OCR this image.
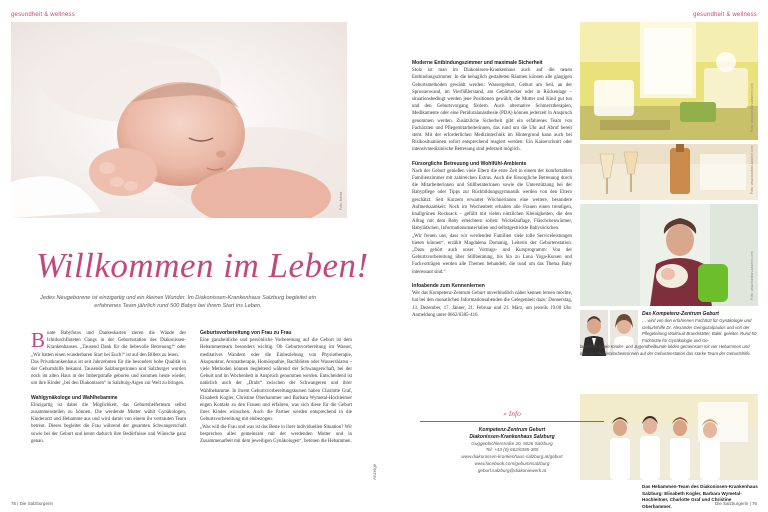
gesundheit & wellness
Foto: fotolia
Willkommen im Leben!
Jedes Neugeborene ist einzigartig und ein kleines Wunder. Im Diakonissen-Krankenhaus Salzburg begleitet ein erfahrenes Team jährlich rund 500 Babys bei ihrem Start ins Leben.

Bunte Babyfotos und Dankeskarten zieren die Wände des Ichtdurchfluteten Gangs in der Geburtsstation des Diakonissen-Krankenhauses. „Tausend Dank für die liebevolle Betreuung!“ oder „Wir hatten einen wunderbaren Start bei Euch!“ ist auf den Billets zu lesen.

Das Privatkrankenhaus ist seit Jahrzehnten für die besonders hohe Qualität in der Geburtshilfe bekannt. Tausende Salzburgerinnen und Salzburger wurden noch im alten Haus in der Imbergstraße geboren und kommen heute wieder, um ihre Kinder „bei den Diakonissen“ in Salzburg-Aigen zur Welt zu bringen.

Wahlgynäkologe und Wahlhebamme

Einzigartig ist dabei die Möglichkeit, das Geburtshelferteam selbst zusammenstellen zu können. Die werdende Mutter wählt Gynäkologen, Kinderarzt und Hebamme aus und wird damit von einem ihr vertrauten Team betreut. Dieses begleitet die Frau während der gesamten Schwangerschaft sowie bei der Geburt und kennt dadurch ihre Bedürfnisse und Wünsche ganz genau.

Geburtsvorbereitung von Frau zu Frau

Eine ganzheitliche und persönliche Vorbereitung auf die Geburt ist dem Hebammenteam besonders wichtig. Ob Geburtsvorbereitung im Wasser, meditatives Wandern oder die Einbeziehung von Physiotherapie, Akupunktur, Aromatherapie, Homöopathie, Bachblüten oder Wassershiatsu – viele Methoden können begleitend während der Schwangerschaft, bei der Geburt und im Wochenbett in Anspruch genommen werden. Entscheidend ist natürlich auch der „Draht“ zwischen der Schwangeren und ihrer Wahlhebamme. In ihrem Geburtsvorbereitungskursen haben Charlotte Graf, Elisabeth Kogler, Christine Oberhammer und Barbara Wymetal-Hochleitner engen Kontakt zu den Frauen und erfahren, was sich diese für die Geburt ihres Kindes wünschen. Auch die Partner werden entsprechend in die Geburtsvorbereitung mit einbezogen.

„Was will die Frau und was ist das Beste in ihrer individuellen Situation? Wir besprechen alles gemeinsam mit der werdenden Mutter und in Zusammenarbeit mit dem jeweiligen Gynäkologen“, betonen die Hebammen.

76 | Die Salzburgerin
Anzeige
gesundheit & wellness
Die Salzburgerin | 76
Moderne Entbindungszimmer und maximale Sicherheit

Stolz ist man im Diakonissen-Krankenhaus auch auf die neuen Entbindungszimmer. In die behaglich gestalteten Räumen können alle gängigen Geburtsmethoden gewählt werden: Wassergeburt, Geburt am Seil, an der Sprossenwand, im Vierfüßlerstand, am Gebärhocker oder in Rückenlage – situationsbedingt werden jene Positionen gewählt, die Mutter und Kind gut tun und den Geburtsvorgang fördern. Auch alternative Schmerztherapien, Medikamente oder eine Periduralanästhesie (PDA) können jederzeit in Anspruch genommen werden. Zusätzliche Sicherheit gibt ein erfahrenes Team von Fachärzten und Pflegemitarbeiterinnen, das rund um die Uhr auf Abruf bereit steht. Mit der erforderlichen Medizintechnik im Hintergrund kann auch bei Risikosituationen sofort entsprechend reagiert werden: Ein Kaiserschnitt oder intensivmedizinische Betreuung sind jederzeit möglich.

Fürsorgliche Betreuung und Wohlfühl-Ambiente

Nach der Geburt genießen viele Eltern die erste Zeit in einem der komfortablen Familienzimmer mit zahlreichen Extras. Auch die fürsorgliche Betreuung durch die Mitarbeiterinnen und Stillberaterinnen sowie die Unterstützung bei der Babypflege oder Tipps zur Rückbildungsgymnastik werden von den Eltern geschätzt. Seit Kurzem erwartet Wöchnerinnen eine weitere, besondere Aufmerksamkeit: Noch im Wochenbett erhalten alle Frauen einen trendigen, knallgrünen Rucksack – gefüllt mit vielen nützlichen Kleinigkeiten, die den Alltag mit dem Baby erleichtern sollen: Wickelauflage, Fläschchenwärmer, Babylätzchen, Informationsmaterialien und selbstgestrickte Babysöckchen.

„Wir freuen uns, dass wir werdenden Familien viele tolle Serviceleistungen bieten können“, erzählt Magdalena Domanig, Leiterin der Geburtenstation. „Dazu gehört auch unser Vortrags- und Kursprogramm: Von der Geburtsvorbereitung über Stillberatung, bis hin zu Luna Yoga-Kursen und Fachvorträgen werden alle Themen behandelt, die rund um das Thema Baby interessant sind.“

Infoabende zum Kennenlernen

Wer das Kompetenz-Zentrum Geburt unverbindlich näher kennen lernen möchte, hat bei den monatlichen Informationsabenden die Gelegenheit dazu: Donnerstag, 13. Dezember, 17. Jänner, 21. Februar und 21. März, um jeweils 19.00 Uhr. Anmeldung unter 0662/6385-416.

Foto: www.bastian-kaserin.com
Foto: www.bastian-kaserin.com
Foto: www.bastian-kaserin.com
Das Kompetenz-Zentrum Geburt
… wird von den erfahrenen Fachärzt für Gynäkologie und Geburtshilfe Dr. Alexander Geingozalpaulos und von der Pflegeleitung Waltraud Brandstätter, Bakk. geleitet. Rund 50 Fachärzte für Gynäkologie und Ge-
burtshilfe sowie Kinder- und Jugendheilkunde bilden gemeinsam mit vier Hebammen und rund 20 Pflegemitarbeiterinnen auf der Geburtenstation das starke Team der Geburtshilfe.
Das Hebammen-Team des Diakonissen-Krankenhaus Salzburg: Elisabeth Kogler, Barbara Wymetal-Hochleitner, Charlotte Graf und Christine Oberhammer.
» Info
Kompetenz-Zentrum Geburt
Diakonissen-Krankenhaus Salzburg
Guggenbichlerstraße 20, 5026 Salzburg
Tel: +43 (0) 662/6385-385
www.diakonissen-krankenhaus-salzburg.at/geburt
www.facebook.com/geburtinsalzburg
geburt.salzburg@diakoniewerk.at
